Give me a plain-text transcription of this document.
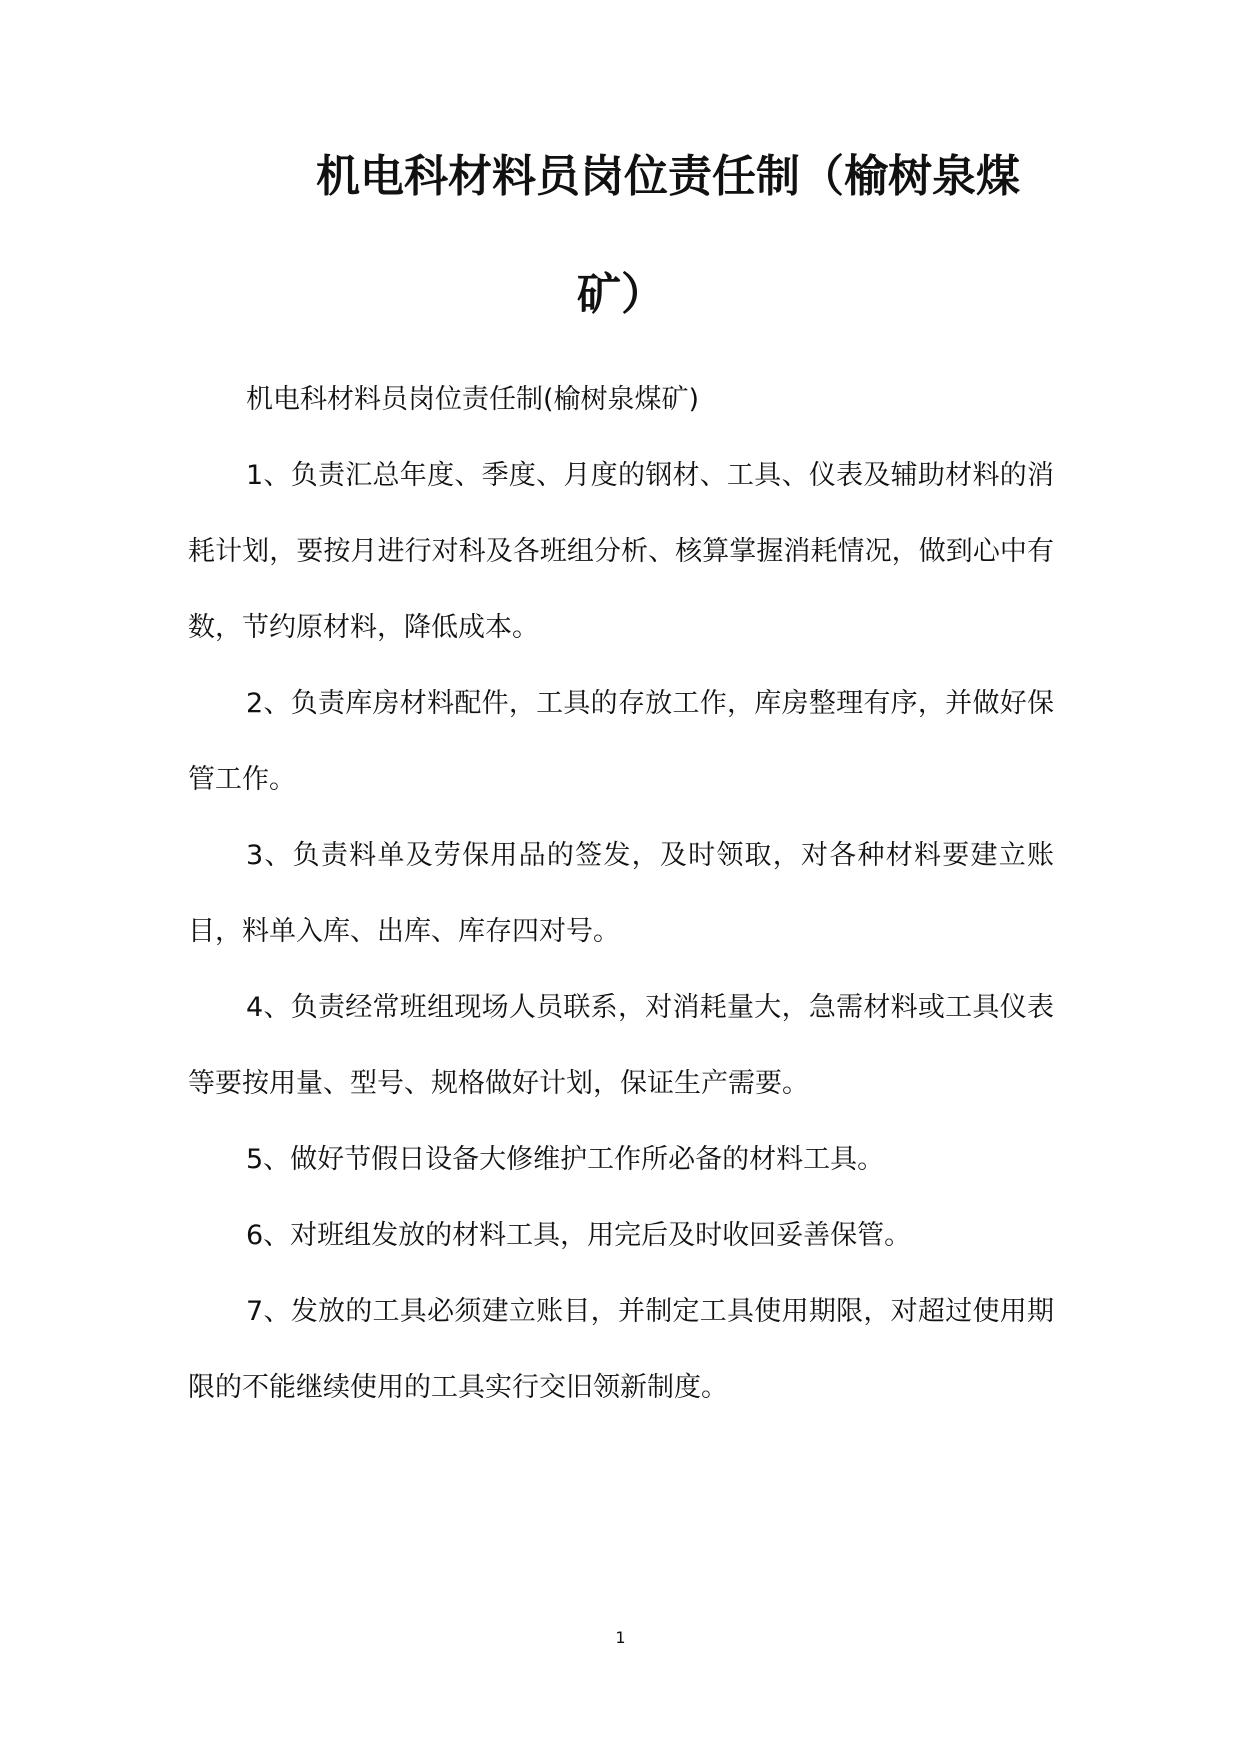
机电科材料员岗位责任制（榆树泉煤
矿）

机电科材料员岗位责任制(榆树泉煤矿)

1、负责汇总年度、季度、月度的钢材、工具、仪表及辅助材料的消耗计划，要按月进行对科及各班组分析、核算掌握消耗情况，做到心中有数，节约原材料，降低成本。

2、负责库房材料配件，工具的存放工作，库房整理有序，并做好保管工作。

3、负责料单及劳保用品的签发，及时领取，对各种材料要建立账目，料单入库、出库、库存四对号。

4、负责经常班组现场人员联系，对消耗量大，急需材料或工具仪表等要按用量、型号、规格做好计划，保证生产需要。

5、做好节假日设备大修维护工作所必备的材料工具。

6、对班组发放的材料工具，用完后及时收回妥善保管。

7、发放的工具必须建立账目，并制定工具使用期限，对超过使用期限的不能继续使用的工具实行交旧领新制度。

1
